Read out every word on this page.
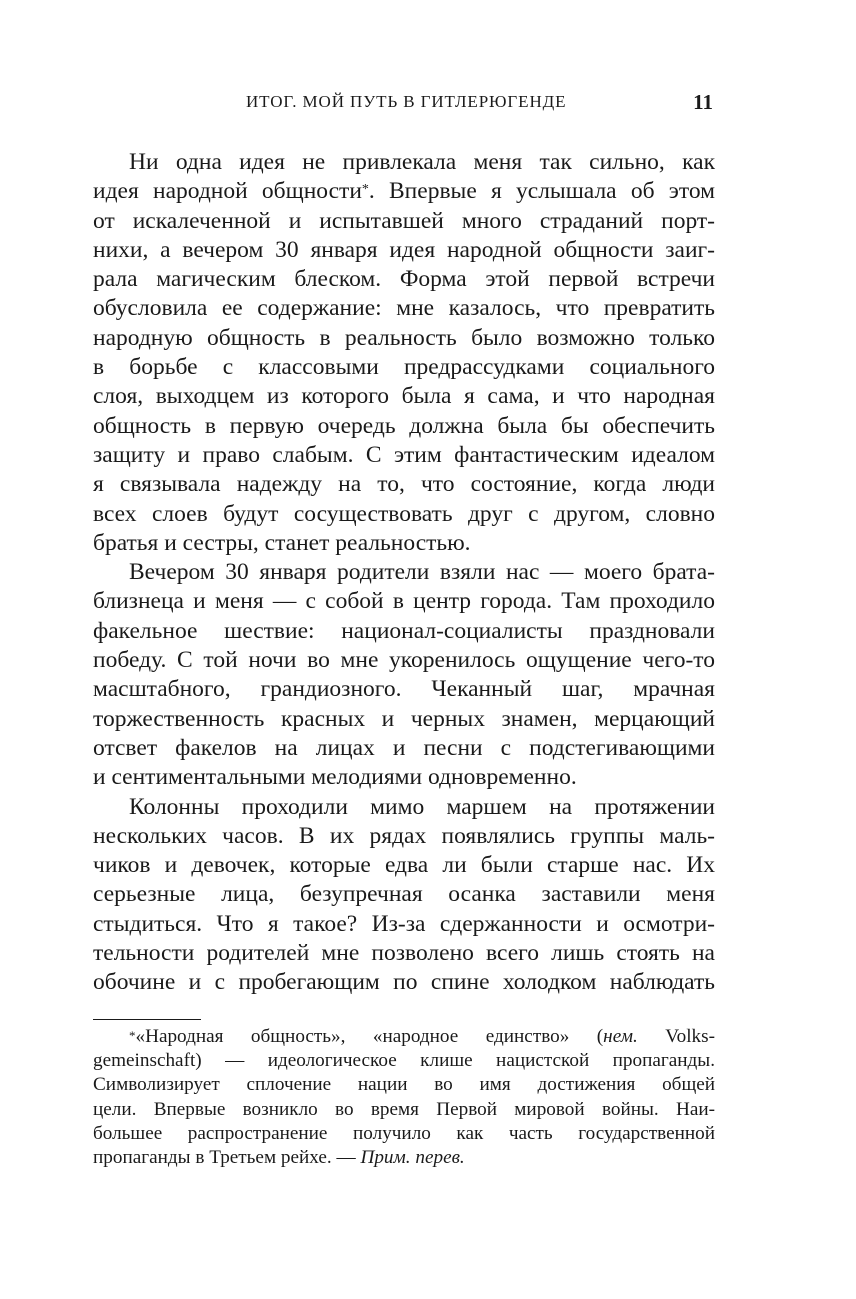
ИТОГ. МОЙ ПУТЬ В ГИТЛЕРЮГЕНДЕ	11

Ни одна идея не привлекала меня так сильно, как
идея народной общности*. Впервые я услышала об этом
от искалеченной и испытавшей много страданий порт-
нихи, а вечером 30 января идея народной общности заиг-
рала магическим блеском. Форма этой первой встречи
обусловила ее содержание: мне казалось, что превратить
народную общность в реальность было возможно только
в борьбе с классовыми предрассудками социального
слоя, выходцем из которого была я сама, и что народная
общность в первую очередь должна была бы обеспечить
защиту и право слабым. С этим фантастическим идеалом
я связывала надежду на то, что состояние, когда люди
всех слоев будут сосуществовать друг с другом, словно
братья и сестры, станет реальностью.

Вечером 30 января родители взяли нас — моего брата-
близнеца и меня — с собой в центр города. Там проходило
факельное шествие: национал-социалисты праздновали
победу. С той ночи во мне укоренилось ощущение чего-то
масштабного, грандиозного. Чеканный шаг, мрачная
торжественность красных и черных знамен, мерцающий
отсвет факелов на лицах и песни с подстегивающими
и сентиментальными мелодиями одновременно.

Колонны проходили мимо маршем на протяжении
нескольких часов. В их рядах появлялись группы маль-
чиков и девочек, которые едва ли были старше нас. Их
серьезные лица, безупречная осанка заставили меня
стыдиться. Что я такое? Из-за сдержанности и осмотри-
тельности родителей мне позволено всего лишь стоять на
обочине и с пробегающим по спине холодком наблюдать

*«Народная общность», «народное единство» (нем. Volks-
gemeinschaft) — идеологическое клише нацистской пропаганды.
Символизирует сплочение нации во имя достижения общей
цели. Впервые возникло во время Первой мировой войны. Наи-
большее распространение получило как часть государственной
пропаганды в Третьем рейхе. — Прим. перев.
